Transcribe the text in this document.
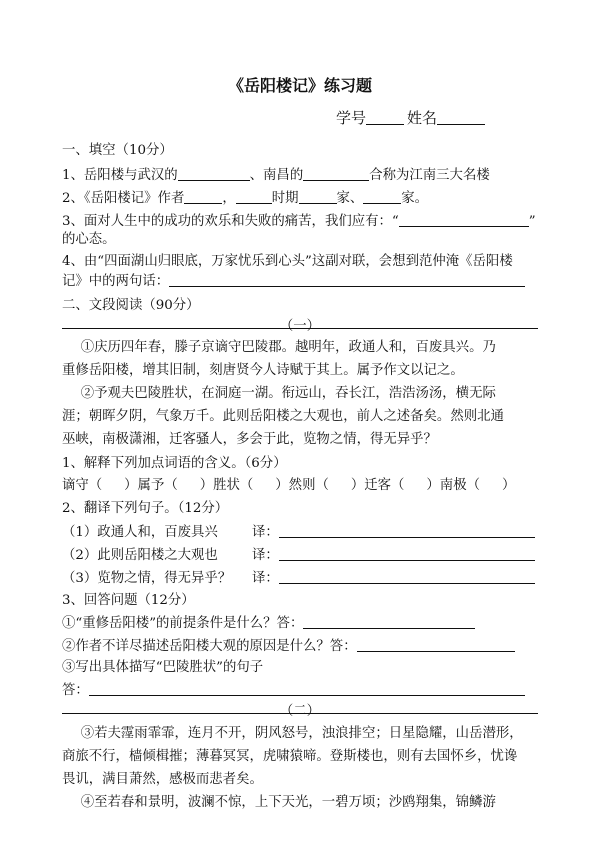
《岳阳楼记》练习题
学号	姓名
一、填空（10分）
1、岳阳楼与武汉的	、南昌的	合称为江南三大名楼
2、《岳阳楼记》作者	，	时期	家、	家。
3、面对人生中的成功的欢乐和失败的痛苦，我们应有：“	”
的心态。
4、由“四面湖山归眼底，万家忧乐到心头”这副对联，会想到范仲淹《岳阳楼
记》中的两句话：
二、文段阅读（90分）
（一）
①庆历四年春，滕子京谪守巴陵郡。越明年，政通人和，百废具兴。乃
重修岳阳楼，增其旧制，刻唐贤今人诗赋于其上。属予作文以记之。
②予观夫巴陵胜状，在洞庭一湖。衔远山，吞长江，浩浩汤汤，横无际
涯；朝晖夕阴，气象万千。此则岳阳楼之大观也，前人之述备矣。然则北通
巫峡，南极潇湘，迁客骚人，多会于此，览物之情，得无异乎？
1、解释下列加点词语的含义。（6分）
谪守（ ）属予（ ）胜状（ ）然则（ ）迁客（ ）南极（ ）
2、翻译下列句子。（12分）
（1）政通人和，百废具兴	译：
（2）此则岳阳楼之大观也	译：
（3）览物之情，得无异乎？ 译：
3、回答问题（12分）
①“重修岳阳楼”的前提条件是什么？答：
②作者不详尽描述岳阳楼大观的原因是什么？答：
③写出具体描写“巴陵胜状”的句子
答：
（二）
③若夫霪雨霏霏，连月不开，阴风怒号，浊浪排空；日星隐耀，山岳潜形，
商旅不行，樯倾楫摧；薄暮冥冥，虎啸猿啼。登斯楼也，则有去国怀乡，忧谗
畏讥，满目萧然，感极而悲者矣。
④至若春和景明，波澜不惊，上下天光，一碧万顷；沙鸥翔集，锦鳞游
